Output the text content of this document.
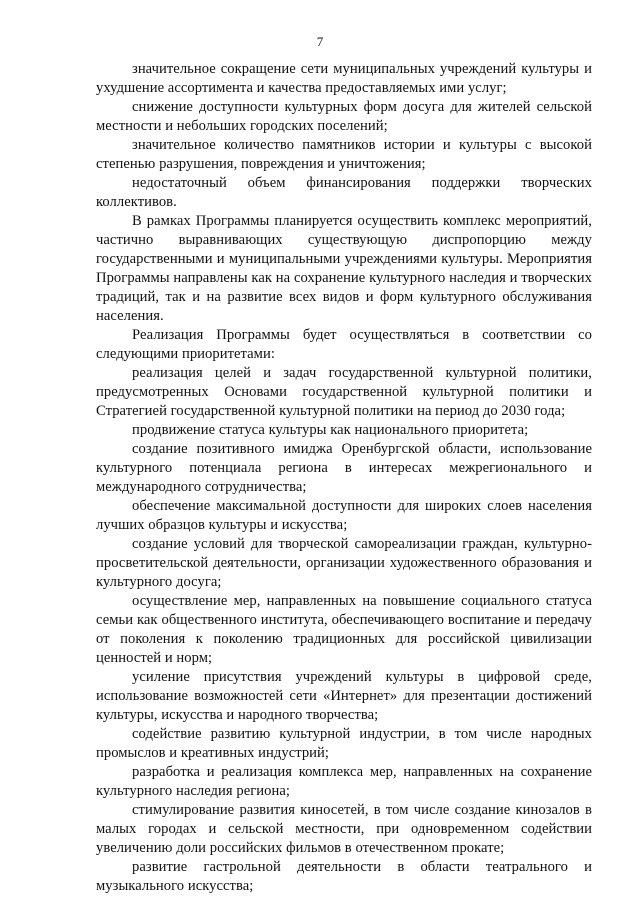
7

значительное сокращение сети муниципальных учреждений культуры и ухудшение ассортимента и качества предоставляемых ими услуг;

снижение доступности культурных форм досуга для жителей сельской местности и небольших городских поселений;

значительное количество памятников истории и культуры с высокой степенью разрушения, повреждения и уничтожения;

недостаточный объем финансирования поддержки творческих коллективов.

В рамках Программы планируется осуществить комплекс мероприятий, частично выравнивающих существующую диспропорцию между государственными и муниципальными учреждениями культуры. Мероприятия Программы направлены как на сохранение культурного наследия и творческих традиций, так и на развитие всех видов и форм культурного обслуживания населения.

Реализация Программы будет осуществляться в соответствии со следующими приоритетами:

реализация целей и задач государственной культурной политики, предусмотренных Основами государственной культурной политики и Стратегией государственной культурной политики на период до 2030 года;

продвижение статуса культуры как национального приоритета;

создание позитивного имиджа Оренбургской области, использование культурного потенциала региона в интересах межрегионального и международного сотрудничества;

обеспечение максимальной доступности для широких слоев населения лучших образцов культуры и искусства;

создание условий для творческой самореализации граждан, культурно-просветительской деятельности, организации художественного образования и культурного досуга;

осуществление мер, направленных на повышение социального статуса семьи как общественного института, обеспечивающего воспитание и передачу от поколения к поколению традиционных для российской цивилизации ценностей и норм;

усиление присутствия учреждений культуры в цифровой среде, использование возможностей сети «Интернет» для презентации достижений культуры, искусства и народного творчества;

содействие развитию культурной индустрии, в том числе народных промыслов и креативных индустрий;

разработка и реализация комплекса мер, направленных на сохранение культурного наследия региона;

стимулирование развития киносетей, в том числе создание кинозалов в малых городах и сельской местности, при одновременном содействии увеличению доли российских фильмов в отечественном прокате;

развитие гастрольной деятельности в области театрального и музыкального искусства;
